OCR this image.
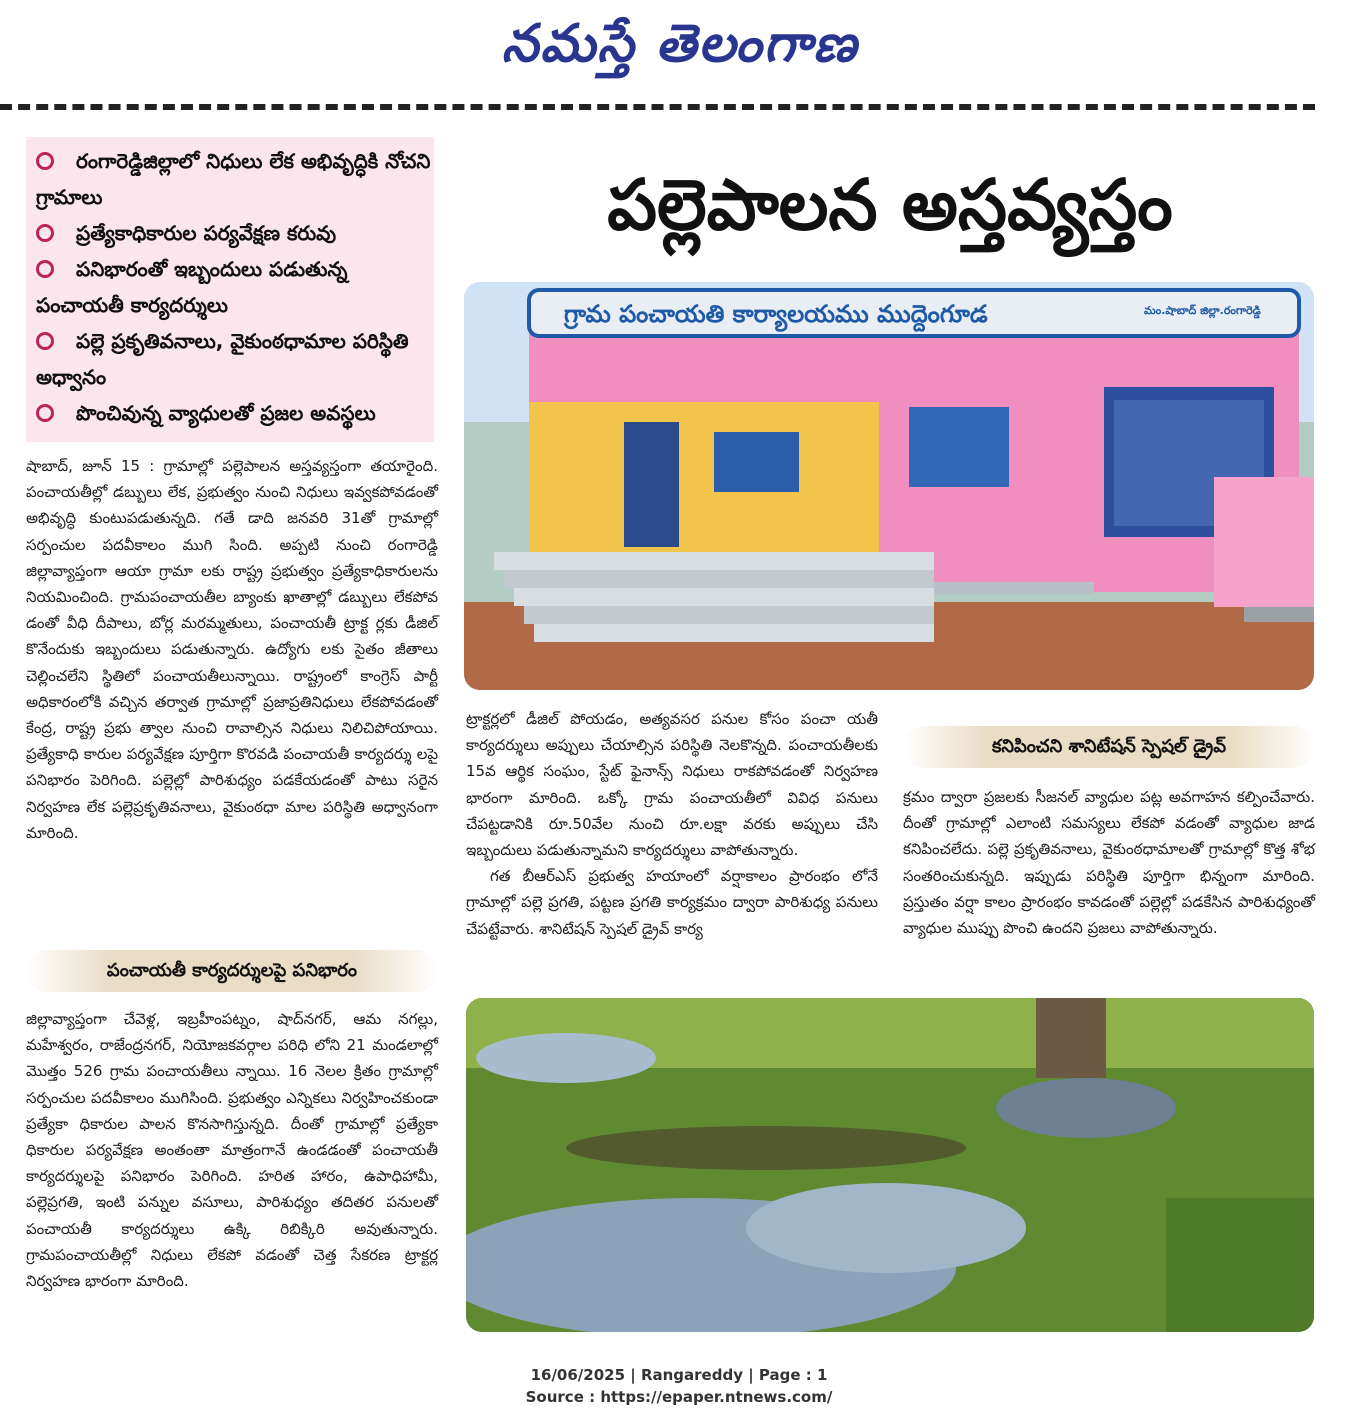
నమస్తే తెలంగాణ
రంగారెడ్డిజిల్లాలో నిధులు లేక అభివృద్ధికి నోచని గ్రామాలు
ప్రత్యేకాధికారుల పర్యవేక్షణ కరువు
పనిభారంతో ఇబ్బందులు పడుతున్న పంచాయతీ కార్యదర్శులు
పల్లె ప్రకృతివనాలు, వైకుంఠధామాల పరిస్థితి అధ్వానం
పొంచివున్న వ్యాధులతో ప్రజల అవస్థలు
పల్లెపాలన అస్తవ్యస్తం
గ్రామ పంచాయతి కార్యాలయము ముద్దెంగూడ	మం.షాబాద్ జిల్లా.రంగారెడ్డి
షాబాద్, జూన్ 15 : గ్రామాల్లో పల్లెపాలన అస్తవ్యస్తంగా తయారైంది. పంచాయతీల్లో డబ్బులు లేక, ప్రభుత్వం నుంచి నిధులు ఇవ్వకపోవడంతో అభివృద్ధి కుంటుపడుతున్నది. గతే డాది జనవరి 31తో గ్రామాల్లో సర్పంచుల పదవీకాలం ముగి సింది. అప్పటి నుంచి రంగారెడ్డి జిల్లావ్యాప్తంగా ఆయా గ్రామా లకు రాష్ట్ర ప్రభుత్వం ప్రత్యేకాధికారులను నియమించింది. గ్రామపంచాయతీల బ్యాంకు ఖాతాల్లో డబ్బులు లేకపోవ డంతో వీధి దీపాలు, బోర్ల మరమ్మతులు, పంచాయతీ ట్రాక్ట ర్లకు డీజిల్ కొనేందుకు ఇబ్బందులు పడుతున్నారు. ఉద్యోగు లకు సైతం జీతాలు చెల్లించలేని స్థితిలో పంచాయతీలున్నాయి. రాష్ట్రంలో కాంగ్రెస్ పార్టీ అధికారంలోకి వచ్చిన తర్వాత గ్రామాల్లో ప్రజాప్రతినిధులు లేకపోవడంతో కేంద్ర, రాష్ట్ర ప్రభు త్వాల నుంచి రావాల్సిన నిధులు నిలిచిపోయాయి. ప్రత్యేకాధి కారుల పర్యవేక్షణ పూర్తిగా కొరవడి పంచాయతీ కార్యదర్శు లపై పనిభారం పెరిగింది. పల్లెల్లో పారిశుధ్యం పడకేయడంతో పాటు సరైన నిర్వహణ లేక పల్లెప్రకృతివనాలు, వైకుంఠధా మాల పరిస్థితి అధ్వానంగా మారింది.
పంచాయతీ కార్యదర్శులపై పనిభారం
జిల్లావ్యాప్తంగా చేవెళ్ల, ఇబ్రహీంపట్నం, షాద్‌నగర్, ఆమ నగల్లు, మహేశ్వరం, రాజేంద్రనగర్, నియోజకవర్గాల పరిధి లోని 21 మండలాల్లో మొత్తం 526 గ్రామ పంచాయతీలు న్నాయి. 16 నెలల క్రితం గ్రామాల్లో సర్పంచుల పదవీకాలం ముగిసింది. ప్రభుత్వం ఎన్నికలు నిర్వహించకుండా ప్రత్యేకా ధికారుల పాలన కొనసాగిస్తున్నది. దీంతో గ్రామాల్లో ప్రత్యేకా ధికారుల పర్యవేక్షణ అంతంతా మాత్రంగానే ఉండడంతో పంచాయతీ కార్యదర్శులపై పనిభారం పెరిగింది. హరిత హారం, ఉపాధిహామీ, పల్లెప్రగతి, ఇంటి పన్నుల వసూలు, పారిశుధ్యం తదితర పనులతో పంచాయతీ కార్యదర్శులు ఉక్కి రిబిక్కిరి అవుతున్నారు. గ్రామపంచాయతీల్లో నిధులు లేకపో వడంతో చెత్త సేకరణ ట్రాక్టర్ల నిర్వహణ భారంగా మారింది.
ట్రాక్టర్లలో డీజిల్ పోయడం, అత్యవసర పనుల కోసం పంచా యతీ కార్యదర్శులు అప్పులు చేయాల్సిన పరిస్థితి నెలకొన్నది. పంచాయతీలకు 15వ ఆర్థిక సంఘం, స్టేట్ ఫైనాన్స్ నిధులు రాకపోవడంతో నిర్వహణ భారంగా మారింది. ఒక్కో గ్రామ పంచాయతీలో వివిధ పనులు చేపట్టడానికి రూ.50వేల నుంచి రూ.లక్షా వరకు అప్పులు చేసి ఇబ్బందులు పడుతున్నామని కార్యదర్శులు వాపోతున్నారు.
గత బీఆర్‌ఎస్ ప్రభుత్వ హయాంలో వర్షాకాలం ప్రారంభం లోనే గ్రామాల్లో పల్లె ప్రగతి, పట్టణ ప్రగతి కార్యక్రమం ద్వారా పారిశుధ్య పనులు చేపట్టేవారు. శానిటేషన్ స్పెషల్ డ్రైవ్ కార్య
కనిపించని శానిటేషన్ స్పెషల్ డ్రైవ్
క్రమం ద్వారా ప్రజలకు సీజనల్ వ్యాధుల పట్ల అవగాహన కల్పించేవారు. దీంతో గ్రామాల్లో ఎలాంటి సమస్యలు లేకపో వడంతో వ్యాధుల జాడ కనిపించలేదు. పల్లె ప్రకృతివనాలు, వైకుంఠధామాలతో గ్రామాల్లో కొత్త శోభ సంతరించుకున్నది. ఇప్పుడు పరిస్థితి పూర్తిగా భిన్నంగా మారింది. ప్రస్తుతం వర్షా కాలం ప్రారంభం కావడంతో పల్లెల్లో పడకేసిన పారిశుధ్యంతో వ్యాధుల ముప్పు పొంచి ఉందని ప్రజలు వాపోతున్నారు.
16/06/2025 | Rangareddy | Page : 1
Source : https://epaper.ntnews.com/
